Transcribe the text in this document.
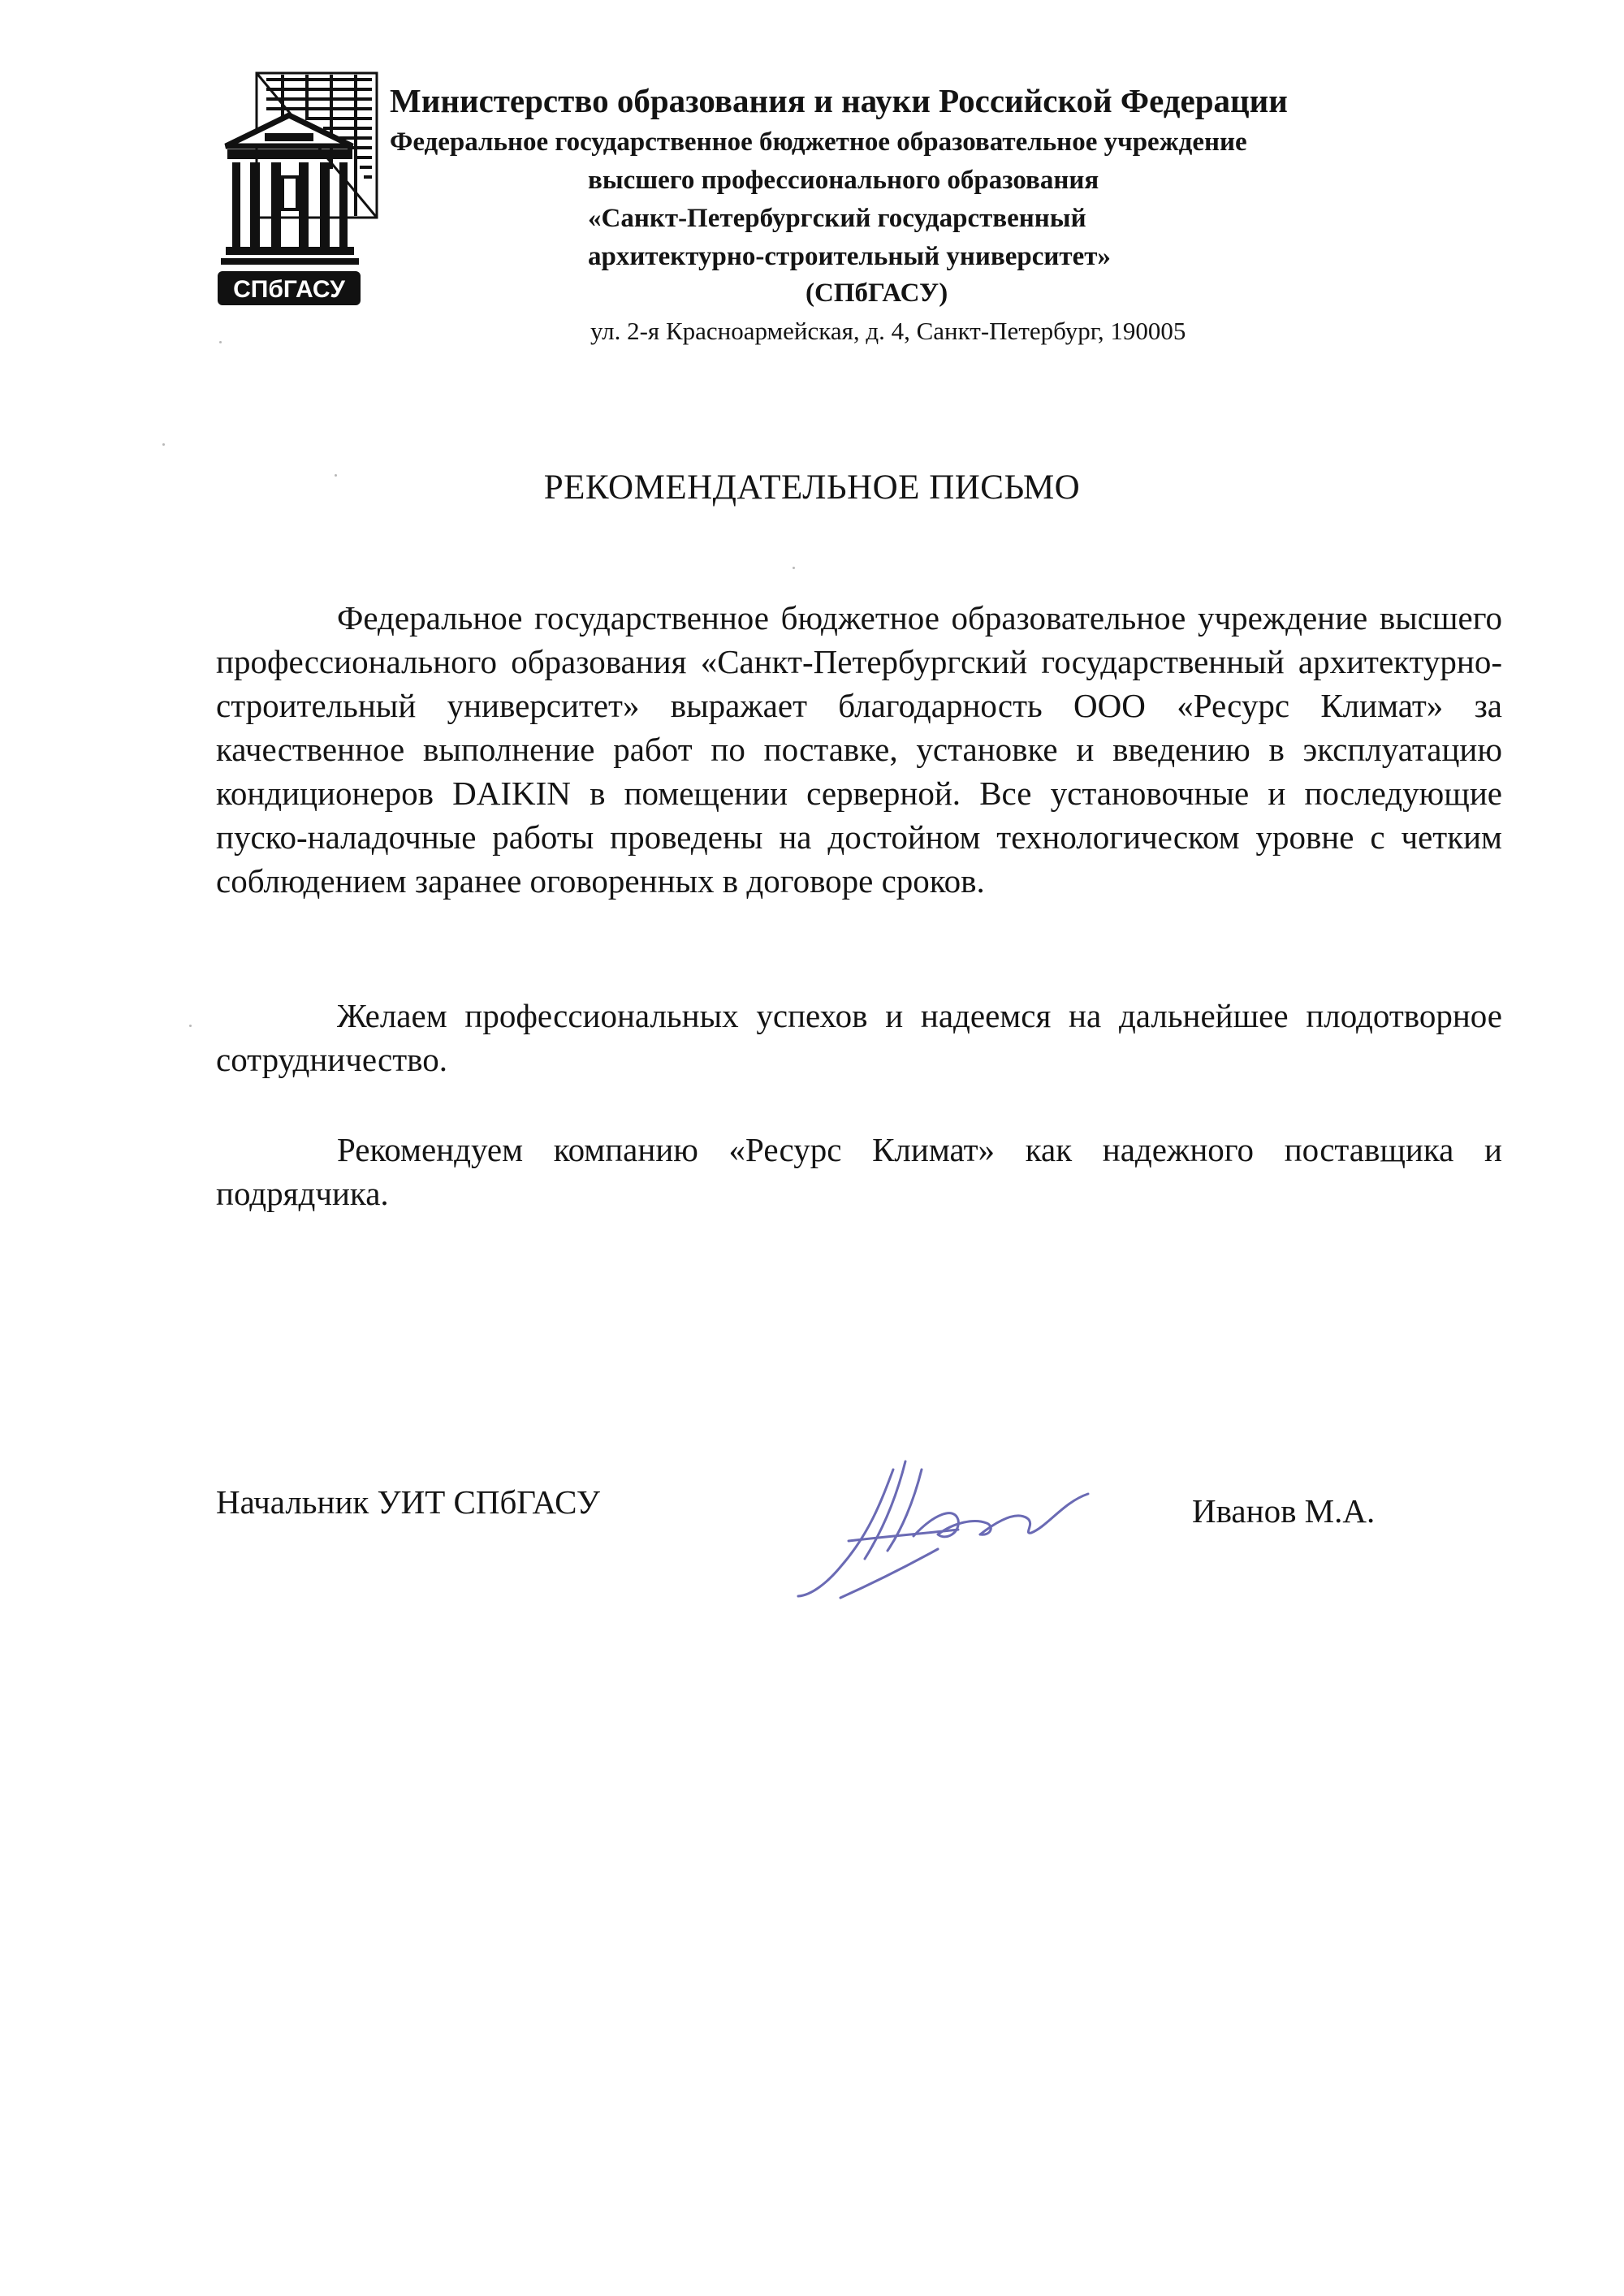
СПбГАСУ
Министерство образования и науки Российской Федерации
Федеральное государственное бюджетное образовательное учреждение
высшего профессионального образования
«Санкт-Петербургский государственный
архитектурно-строительный университет»
(СПбГАСУ)
ул. 2-я Красноармейская, д. 4, Санкт-Петербург, 190005
РЕКОМЕНДАТЕЛЬНОЕ ПИСЬМО
Федеральное государственное бюджетное образовательное учреждение высшего профессионального образования «Санкт-Петербургский государственный архитектурно-строительный университет» выражает благодарность ООО «Ресурс Климат» за качественное выполнение работ по поставке, установке и введению в эксплуатацию кондиционеров DAIKIN в помещении серверной. Все установочные и последующие пуско-наладочные работы проведены на достойном технологическом уровне с четким соблюдением заранее оговоренных в договоре сроков.
Желаем профессиональных успехов и надеемся на дальнейшее плодотворное сотрудничество.
Рекомендуем компанию «Ресурс Климат» как надежного поставщика и подрядчика.
Начальник УИТ СПбГАСУ	Иванов М.А.
